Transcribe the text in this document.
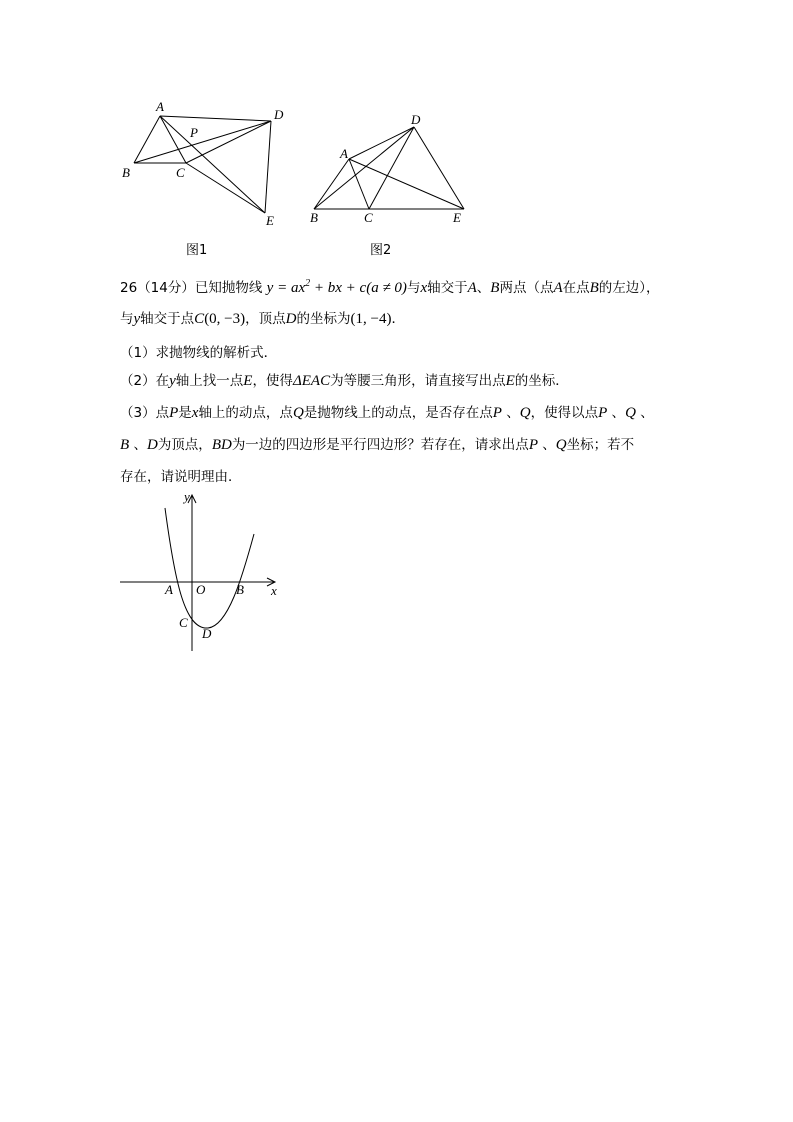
A
B	C
D
E
P
图1
A
B	C
D
E
图2
26（14分）已知抛物线 $y = ax^2$ + bx + c(a ≠ 0)与x轴交于A、B两点（点A在点B的左边），
与y轴交于点C(0, −3)，顶点D的坐标为(1, −4)．
（1）求抛物线的解析式．
（2）在y轴上找一点E，使得ΔEAC为等腰三角形，请直接写出点E的坐标．
（3）点P是x轴上的动点，点Q是抛物线上的动点，是否存在点P 、Q，使得以点P 、Q 、
B 、D为顶点，BD为一边的四边形是平行四边形？若存在，请求出点P 、Q坐标；若不
存在，请说明理由．
y
x
A O B
C
D
